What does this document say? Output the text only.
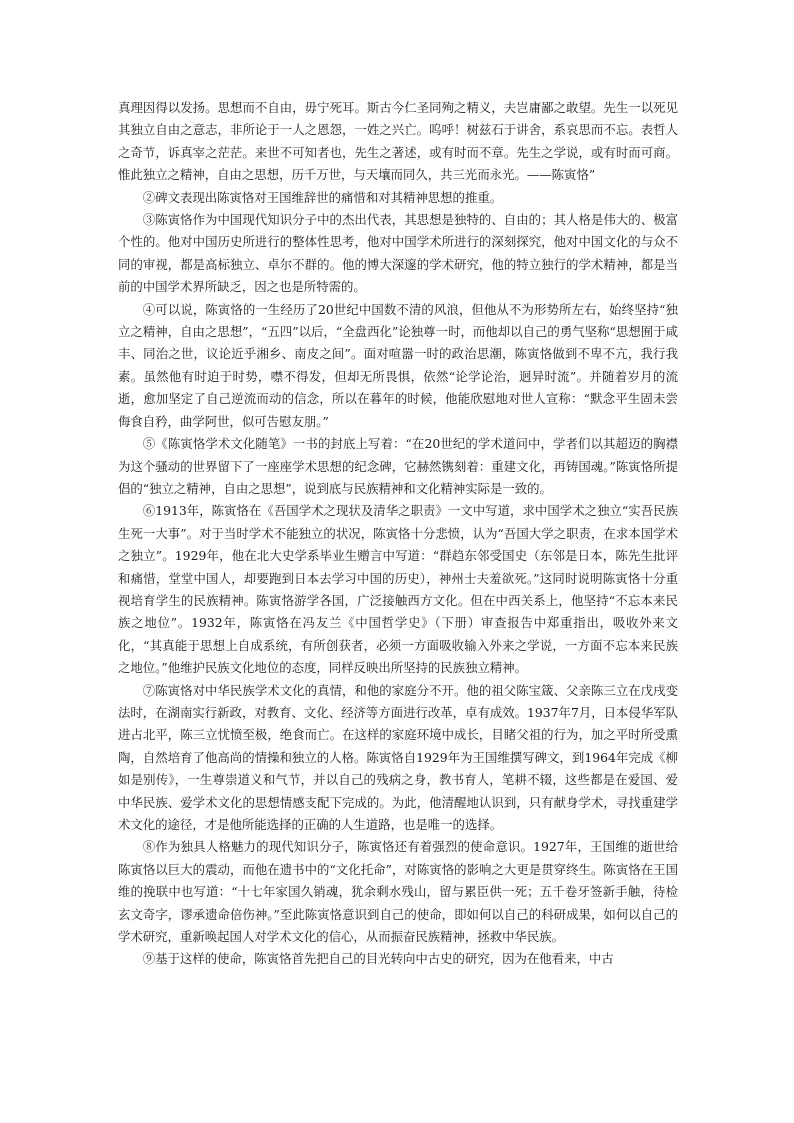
真理因得以发扬。思想而不自由，毋宁死耳。斯古今仁圣同殉之精义，夫岂庸鄙之敢望。先生一以死见其独立自由之意志，非所论于一人之恩怨，一姓之兴亡。呜呼！树兹石于讲舍，系哀思而不忘。表哲人之奇节，诉真宰之茫茫。来世不可知者也，先生之著述，或有时而不章。先生之学说，或有时而可商。惟此独立之精神，自由之思想，历千万世，与天壤而同久，共三光而永光。——陈寅恪”

②碑文表现出陈寅恪对王国维辞世的痛惜和对其精神思想的推重。

③陈寅恪作为中国现代知识分子中的杰出代表，其思想是独特的、自由的；其人格是伟大的、极富个性的。他对中国历史所进行的整体性思考，他对中国学术所进行的深刻探究，他对中国文化的与众不同的审视，都是高标独立、卓尔不群的。他的博大深邃的学术研究，他的特立独行的学术精神，都是当前的中国学术界所缺乏，因之也是所特需的。

④可以说，陈寅恪的一生经历了20世纪中国数不清的风浪，但他从不为形势所左右，始终坚持“独立之精神，自由之思想”，“五四”以后，“全盘西化”论独尊一时，而他却以自己的勇气坚称“思想囿于咸丰、同治之世，议论近乎湘乡、南皮之间”。面对喧嚣一时的政治思潮，陈寅恪做到不卑不亢，我行我素。虽然他有时迫于时势，噤不得发，但却无所畏惧，依然“论学论治，迥异时流”。并随着岁月的流逝，愈加坚定了自己逆流而动的信念，所以在暮年的时候，他能欣慰地对世人宣称：“默念平生固未尝侮食自矜，曲学阿世，似可告慰友朋。”

⑤《陈寅恪学术文化随笔》一书的封底上写着：“在20世纪的学术道问中，学者们以其超迈的胸襟为这个骚动的世界留下了一座座学术思想的纪念碑，它赫然镌刻着：重建文化，再铸国魂。”陈寅恪所提倡的“独立之精神，自由之思想”，说到底与民族精神和文化精神实际是一致的。

⑥1913年，陈寅恪在《吾国学术之现状及清华之职责》一文中写道，求中国学术之独立“实吾民族生死一大事”。对于当时学术不能独立的状况，陈寅恪十分悲愤，认为“吾国大学之职责，在求本国学术之独立”。1929年，他在北大史学系毕业生赠言中写道：“群趋东邻受国史（东邻是日本，陈先生批评和痛惜，堂堂中国人，却要跑到日本去学习中国的历史），神州士夫羞欲死。”这同时说明陈寅恪十分重视培育学生的民族精神。陈寅恪游学各国，广泛接触西方文化。但在中西关系上，他坚持“不忘本来民族之地位”。1932年，陈寅恪在冯友兰《中国哲学史》（下册）审查报告中郑重指出，吸收外来文化，“其真能于思想上自成系统，有所创获者，必须一方面吸收输入外来之学说，一方面不忘本来民族之地位。”他维护民族文化地位的态度，同样反映出所坚持的民族独立精神。

⑦陈寅恪对中华民族学术文化的真情，和他的家庭分不开。他的祖父陈宝箴、父亲陈三立在戊戌变法时，在湖南实行新政，对教育、文化、经济等方面进行改革，卓有成效。1937年7月，日本侵华军队进占北平，陈三立忧愤至极，绝食而亡。在这样的家庭环境中成长，目睹父祖的行为，加之平时所受熏陶，自然培育了他高尚的情操和独立的人格。陈寅恪自1929年为王国维撰写碑文，到1964年完成《柳如是别传》，一生尊崇道义和气节，并以自己的残病之身，教书育人，笔耕不辍，这些都是在爱国、爱中华民族、爱学术文化的思想情感支配下完成的。为此，他清醒地认识到，只有献身学术，寻找重建学术文化的途径，才是他所能选择的正确的人生道路，也是唯一的选择。

⑧作为独具人格魅力的现代知识分子，陈寅恪还有着强烈的使命意识。1927年，王国维的逝世给陈寅恪以巨大的震动，而他在遗书中的“文化托命”，对陈寅恪的影响之大更是贯穿终生。陈寅恪在王国维的挽联中也写道：“十七年家国久销魂，犹余剩水残山，留与累臣供一死；五千卷牙签新手触，待检玄文奇字，谬承遗命倍伤神。”至此陈寅恪意识到自己的使命，即如何以自己的科研成果，如何以自己的学术研究，重新唤起国人对学术文化的信心，从而振奋民族精神，拯救中华民族。

⑨基于这样的使命，陈寅恪首先把自己的目光转向中古史的研究，因为在他看来，中古
